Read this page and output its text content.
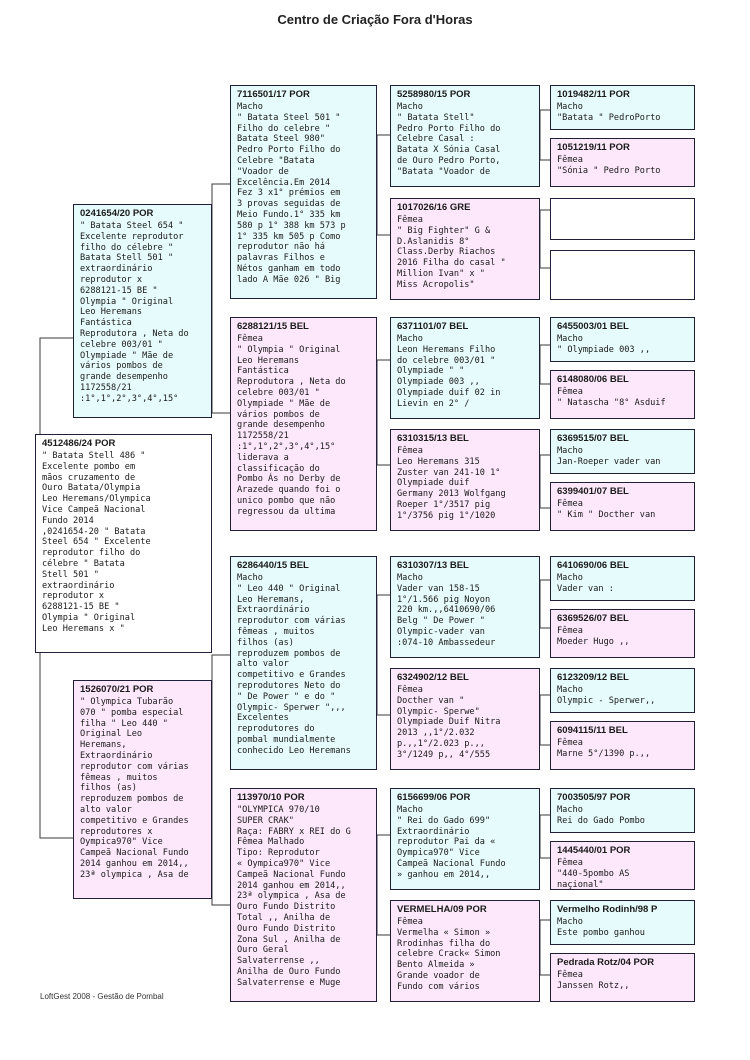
Centro de Criação Fora d'Horas
4512486/24 POR
" Batata Stell 486 "
Excelente pombo em
mãos cruzamento de
Ouro Batata/Olympia
Leo Heremans/Olympica
Vice Campeã Nacional
Fundo 2014
,0241654-20 " Batata
Steel 654 " Excelente
reprodutor filho do
célebre " Batata
Stell 501 "
extraordinário
reprodutor x
6288121-15 BE "
Olympia " Original
Leo Heremans x "
0241654/20 POR
" Batata Steel 654 "
Excelente reprodutor
filho do célebre "
Batata Stell 501 "
extraordinário
reprodutor x
6288121-15 BE "
Olympia " Original
Leo Heremans
Fantástica
Reprodutora , Neta do
celebre 003/01 "
Olympiade " Mãe de
vários pombos de
grande desempenho
1172558/21
:1°,1°,2°,3°,4°,15°
1526070/21 POR
" Olympica Tubarão
070 " pomba especial
filha " Leo 440 "
Original Leo
Heremans,
Extraordinário
reprodutor com várias
fêmeas , muitos
filhos (as)
reproduzem pombos de
alto valor
competitivo e Grandes
reprodutores x
Oympica970" Vice
Campeã Nacional Fundo
2014 ganhou em 2014,,
23ª olympica , Asa de
7116501/17 POR
Macho
" Batata Steel 501 "
Filho do celebre "
Batata Steel 980"
Pedro Porto Filho do
Celebre "Batata
"Voador de
Excelência.Em 2014
Fez 3 x1° prémios em
3 provas seguidas de
Meio Fundo.1° 335 km
580 p 1° 388 km 573 p
1° 335 km 505 p Como
reprodutor não há
palavras Filhos e
Nétos ganham em todo
lado A Mãe 026 " Big
6288121/15 BEL
Fêmea
" Olympia " Original
Leo Heremans
Fantástica
Reprodutora , Neta do
celebre 003/01 "
Olympiade " Mãe de
vários pombos de
grande desempenho
1172558/21
:1°,1°,2°,3°,4°,15°
liderava a
classificação do
Pombo Ás no Derby de
Arazede quando foi o
unico pombo que não
regressou da ultima
6286440/15 BEL
Macho
" Leo 440 " Original
Leo Heremans,
Extraordinário
reprodutor com várias
fêmeas , muitos
filhos (as)
reproduzem pombos de
alto valor
competitivo e Grandes
reprodutores Neto do
" De Power " e do "
Olympic- Sperwer ",,,
Excelentes
reprodutores do
pombal mundialmente
conhecido Leo Heremans
113970/10 POR
"OLYMPICA 970/10
SUPER CRAK"
Raça: FABRY x REI do G
Fêmea Malhado
Tipo: Reprodutor
« Oympica970" Vice
Campeã Nacional Fundo
2014 ganhou em 2014,,
23ª olympica , Asa de
Ouro Fundo Distrito
Total ,, Anilha de
Ouro Fundo Distrito
Zona Sul , Anilha de
Ouro Geral
Salvaterrense ,,
Anilha de Ouro Fundo
Salvaterrense e Muge
5258980/15 POR
Macho
" Batata Stell"
Pedro Porto Filho do
Celebre Casal :
Batata X Sónia Casal
de Ouro Pedro Porto,
"Batata "Voador de
1017026/16 GRE
Fêmea
" Big Fighter" G &
D.Aslanidis 8°
Class.Derby Riachos
2016 Filha do casal "
Million Ivan" x "
Miss Acropolis"
6371101/07 BEL
Macho
Leon Heremans Filho
do celebre 003/01 "
Olympiade " "
Olympiade 003 ,,
Olympiade duif 02 in
Lievin en 2° /
6310315/13 BEL
Fêmea
Leo Heremans 315
Zuster van 241-10 1°
Olympiade duif
Germany 2013 Wolfgang
Roeper 1°/3517 pig
1°/3756 pig 1°/1020
6310307/13 BEL
Macho
Vader van 158-15
1°/1.566 pig Noyon
220 km.,,6410690/06
Belg " De Power "
Olympic-vader van
:074-10 Ambassedeur
6324902/12 BEL
Fêmea
Docther van "
Olympic- Sperwe"
Olympiade Duif Nitra
2013 ,,1°/2.032
p.,,1°/2.023 p.,,
3°/1249 p,, 4°/555
6156699/06 POR
Macho
" Rei do Gado 699"
Extraordinário
reprodutor Pai da «
Oympica970" Vice
Campeã Nacional Fundo
» ganhou em 2014,,
VERMELHA/09 POR
Fêmea
Vermelha « Simon »
Rrodinhas filha do
celebre Crack« Simon
Bento Almeida »
Grande voador de
Fundo com vários
1019482/11 POR
Macho
"Batata " PedroPorto
1051219/11 POR
Fêmea
"Sónia " Pedro Porto
6455003/01 BEL
Macho
" Olympiade 003 ,,
6148080/06 BEL
Fêmea
" Natascha "8° Asduif
6369515/07 BEL
Macho
Jan-Roeper vader van
6399401/07 BEL
Fêmea
" Kim " Docther van
6410690/06 BEL
Macho
Vader van :
6369526/07 BEL
Fêmea
Moeder Hugo ,,
6123209/12 BEL
Macho
Olympic - Sperwer,,
6094115/11 BEL
Fêmea
Marne 5°/1390 p.,,
7003505/97 POR
Macho
Rei do Gado Pombo
1445440/01 POR
Fêmea
"440-5pombo AS
naçional"
Vermelho Rodinh/98 P
Macho
Este pombo ganhou
Pedrada Rotz/04 POR
Fêmea
Janssen Rotz,,
LoftGest 2008 - Gestão de Pombal
